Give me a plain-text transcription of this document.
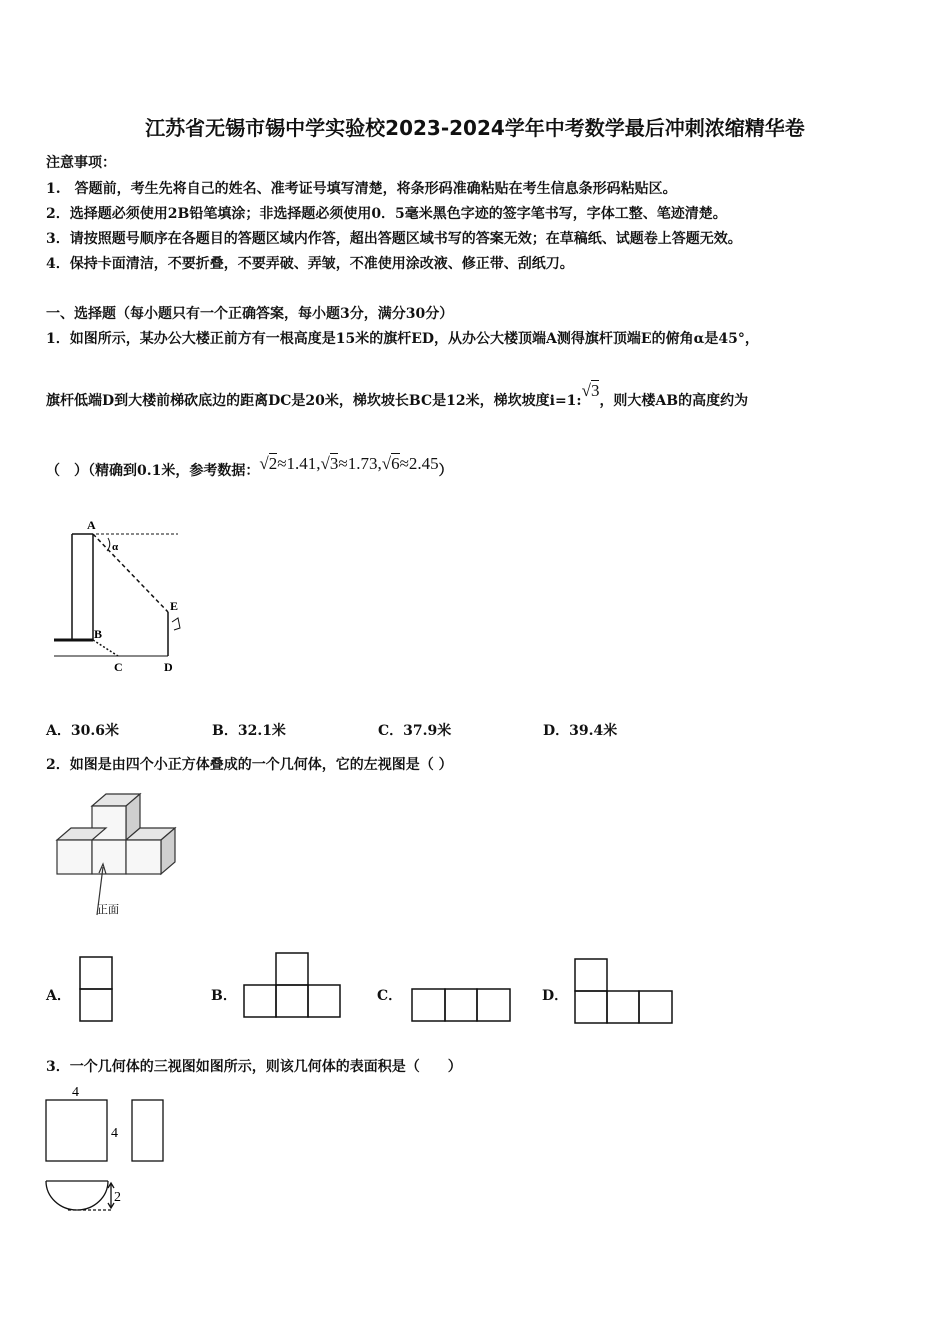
江苏省无锡市锡中学实验校2023-2024学年中考数学最后冲刺浓缩精华卷
注意事项：
1.　答题前，考生先将自己的姓名、准考证号填写清楚，将条形码准确粘贴在考生信息条形码粘贴区。
2．选择题必须使用2B铅笔填涂；非选择题必须使用0．5毫米黑色字迹的签字笔书写，字体工整、笔迹清楚。
3．请按照题号顺序在各题目的答题区域内作答，超出答题区域书写的答案无效；在草稿纸、试题卷上答题无效。
4．保持卡面清洁，不要折叠，不要弄破、弄皱，不准使用涂改液、修正带、刮纸刀。
一、选择题（每小题只有一个正确答案，每小题3分，满分30分）
1．如图所示，某办公大楼正前方有一根高度是15米的旗杆ED，从办公大楼顶端A测得旗杆顶端E的俯角α是45°，
旗杆低端D到大楼前梯砍底边的距离DC是20米，梯坎坡长BC是12米，梯坎坡度i=1:√3，则大楼AB的高度约为
（　）（精确到0.1米，参考数据：√2≈1.41,√3≈1.73,√6≈2.45）
A
α
E
B
C	D
A．30.6米	B．32.1米	C．37.9米	D．39.4米
2．如图是由四个小正方体叠成的一个几何体，它的左视图是（ ）
正面
A．	B．	C．	D．
3．一个几何体的三视图如图所示，则该几何体的表面积是（　　）
4
4
2
